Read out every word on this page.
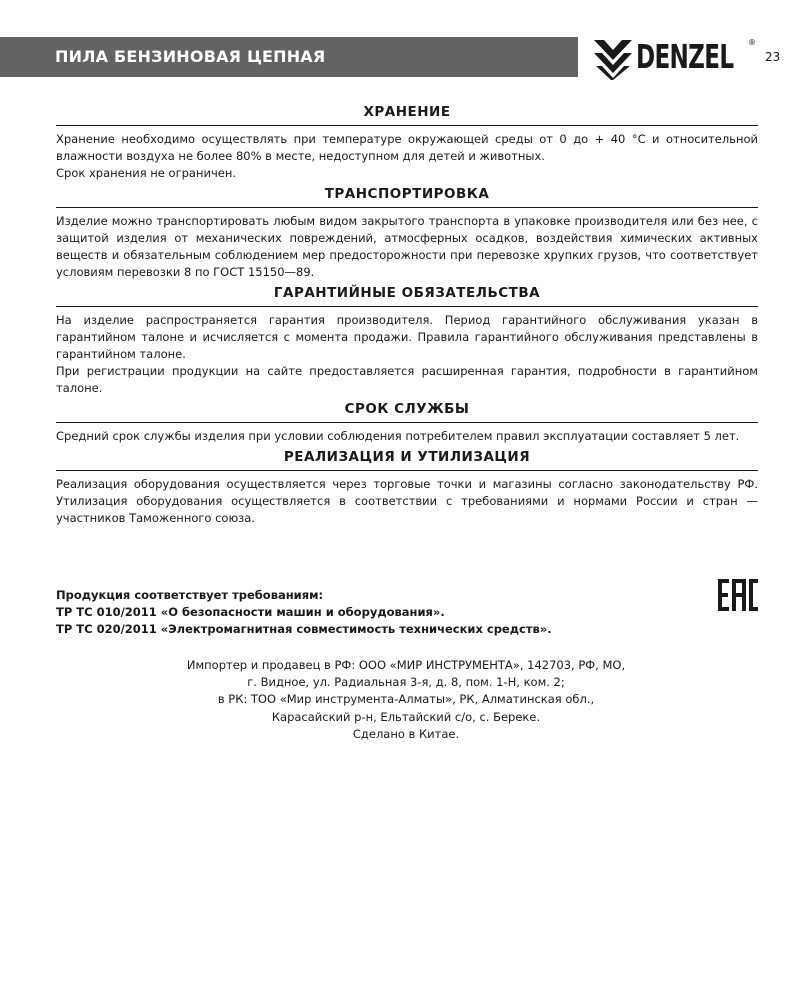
ПИЛА БЕНЗИНОВАЯ ЦЕПНАЯ	DENZEL ®
23
ХРАНЕНИЕ

Хранение необходимо осуществлять при температуре окружающей среды от 0 до + 40 °С и относительной влажности воздуха не более 80% в месте, недоступном для детей и животных.

Срок хранения не ограничен.

ТРАНСПОРТИРОВКА

Изделие можно транспортировать любым видом закрытого транспорта в упаковке производителя или без нее, с защитой изделия от механических повреждений, атмосферных осадков, воздействия химических активных веществ и обязательным соблюдением мер предосторожности при перевозке хрупких грузов, что соответствует условиям перевозки 8 по ГОСТ 15150—89.

ГАРАНТИЙНЫЕ ОБЯЗАТЕЛЬСТВА

На изделие распространяется гарантия производителя. Период гарантийного обслуживания указан в гарантийном талоне и исчисляется с момента продажи. Правила гарантийного обслуживания представлены в гарантийном талоне.

При регистрации продукции на сайте предоставляется расширенная гарантия, подробности в гарантийном талоне.

СРОК СЛУЖБЫ

Средний срок службы изделия при условии соблюдения потребителем правил эксплуатации составляет 5 лет.

РЕАЛИЗАЦИЯ И УТИЛИЗАЦИЯ

Реализация оборудования осуществляется через торговые точки и магазины согласно законодательству РФ. Утилизация оборудования осуществляется в соответствии с требованиями и нормами России и стран — участников Таможенного союза.

Продукция соответствует требованиям:
ТР ТС 010/2011 «О безопасности машин и оборудования».
ТР ТС 020/2011 «Электромагнитная совместимость технических средств».
Импортер и продавец в РФ: ООО «МИР ИНСТРУМЕНТА», 142703, РФ, МО,
г. Видное, ул. Радиальная 3-я, д. 8, пом. 1-Н, ком. 2;
в РК: ТОО «Мир инструмента-Алматы», РК, Алматинская обл.,
Карасайский р-н, Ельтайский с/о, с. Береке.
Сделано в Китае.
